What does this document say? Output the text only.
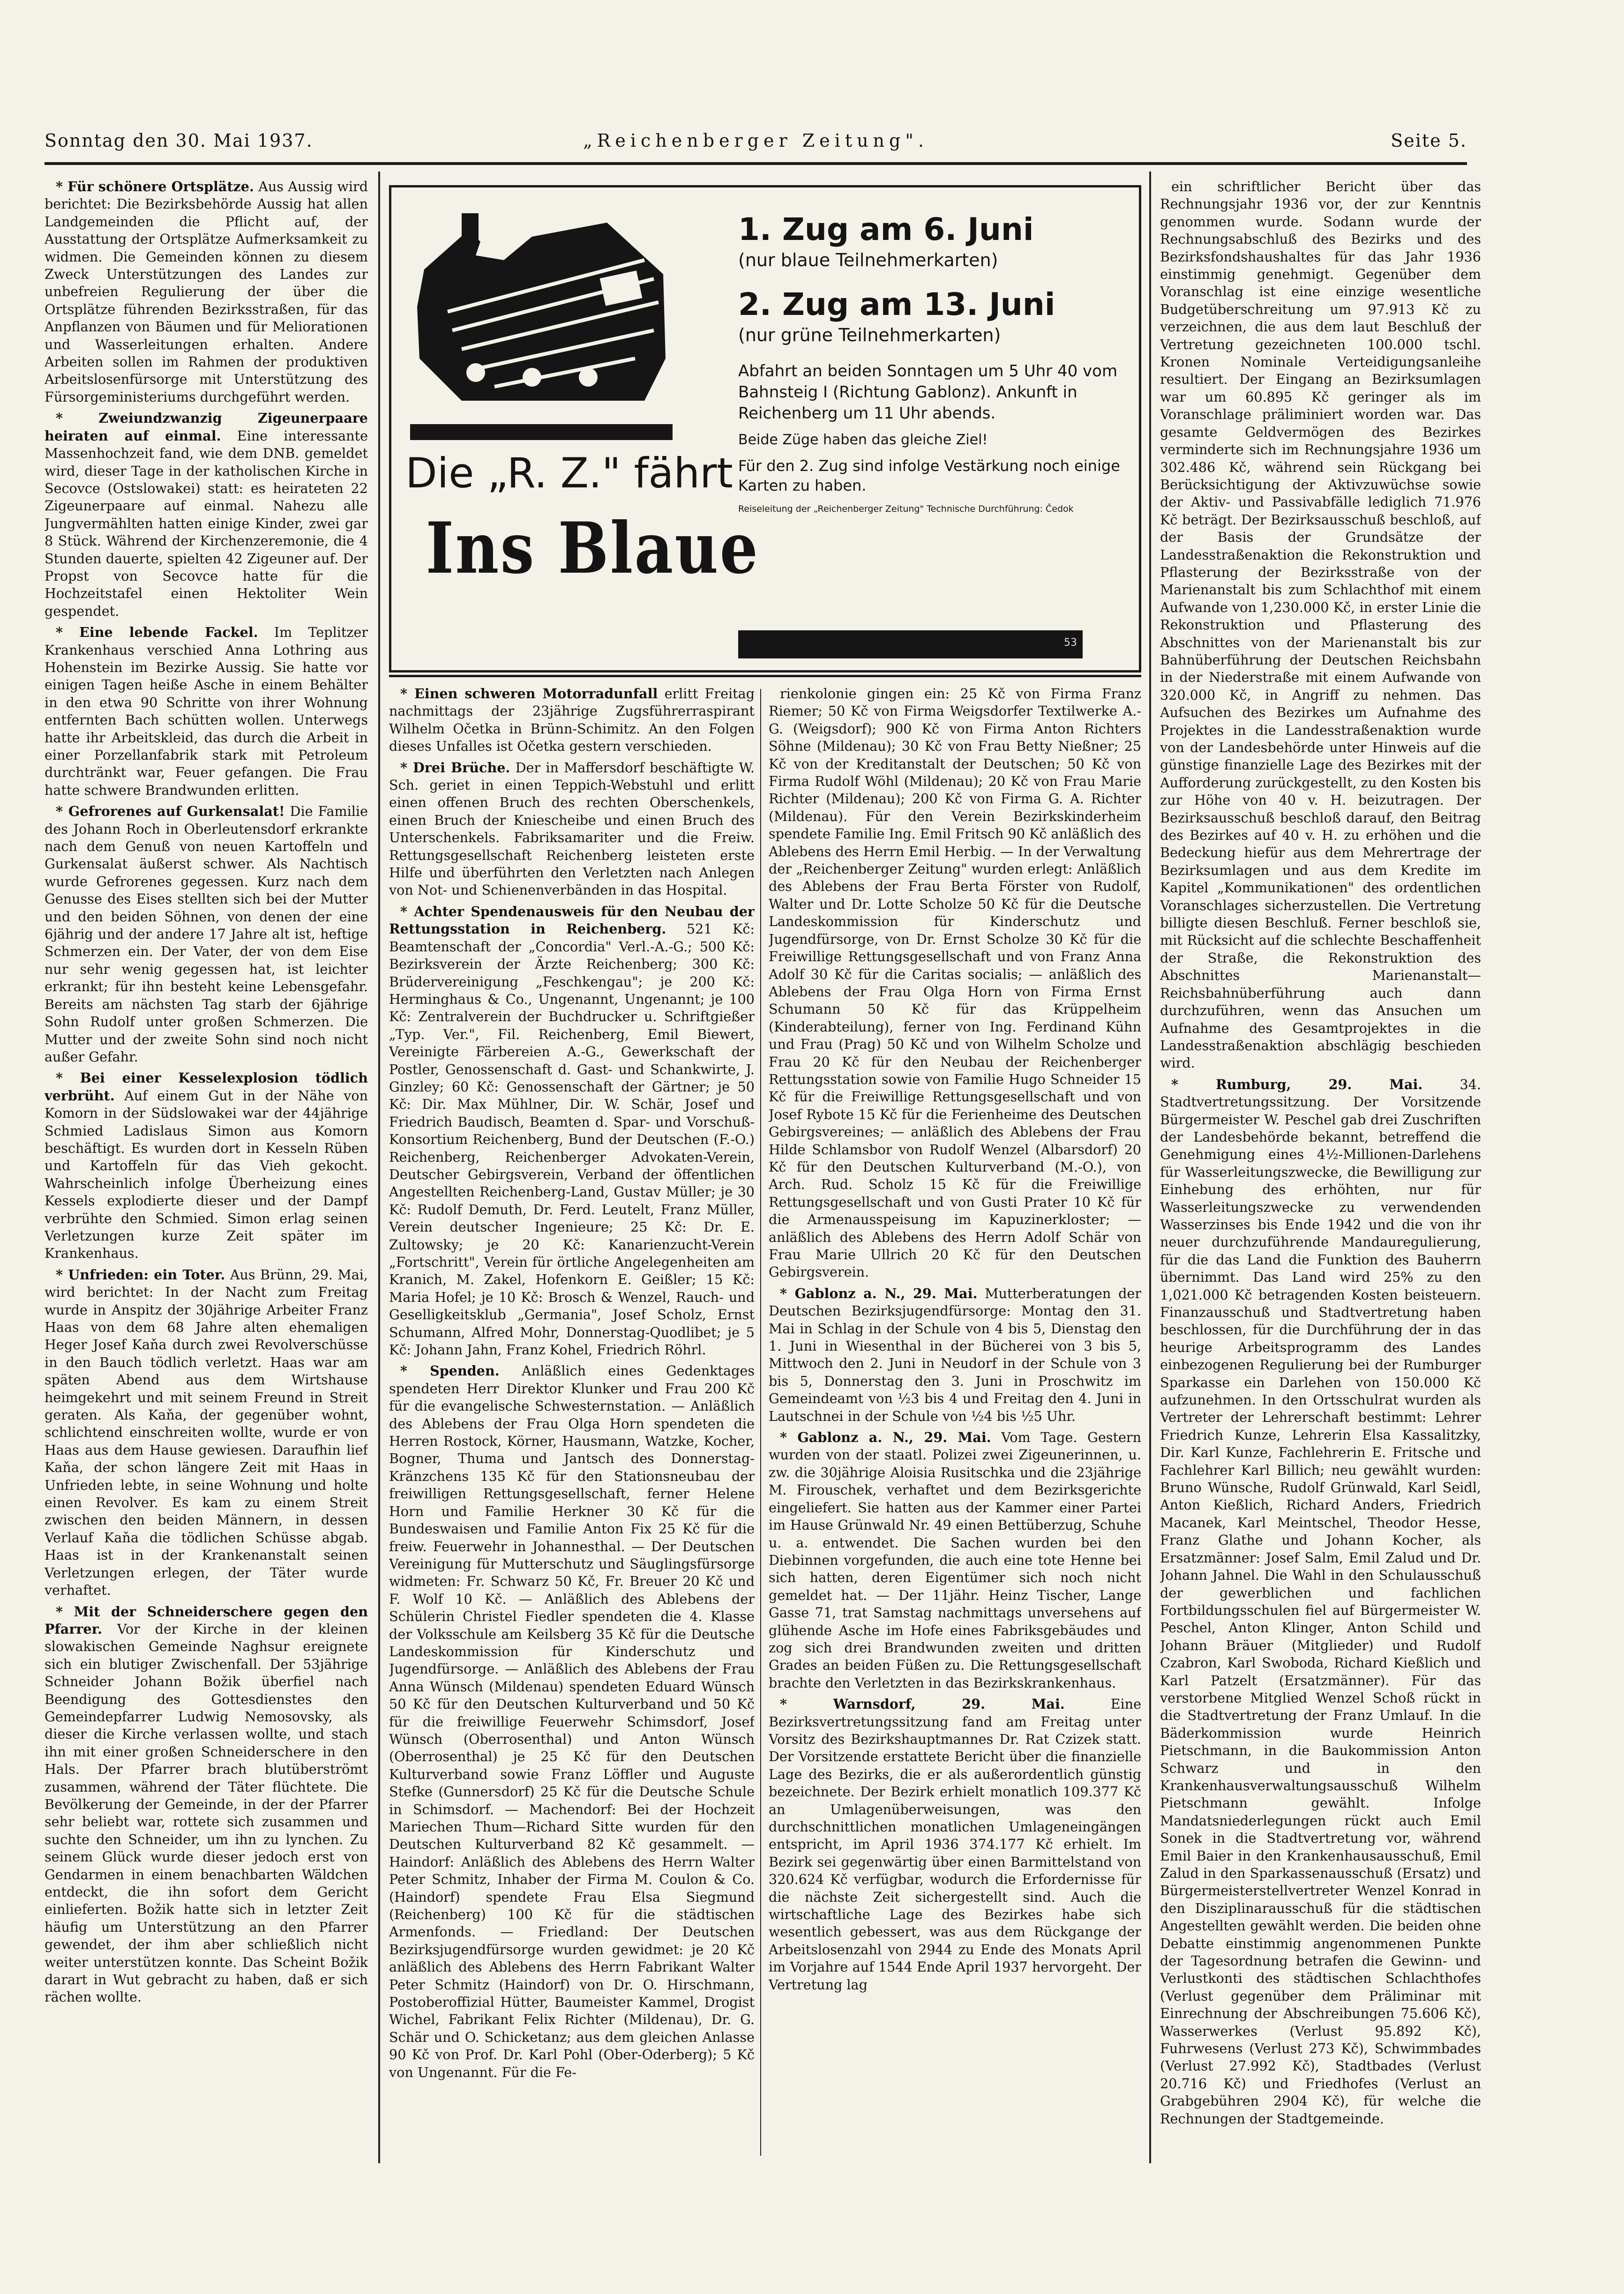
Sonntag den 30. Mai 1937.	„Reichenberger Zeitung".	Seite 5.
Die „R. Z." fährt
Ins Blaue
1. Zug am 6. Juni
(nur blaue Teilnehmerkarten)
2. Zug am 13. Juni
(nur grüne Teilnehmerkarten)
Abfahrt an beiden Sonntagen um 5 Uhr 40 vom Bahnsteig I (Richtung Gablonz). Ankunft in Reichenberg um 11 Uhr abends.
Beide Züge haben das gleiche Ziel!
Für den 2. Zug sind infolge Vestärkung noch einige Karten zu haben.
Reiseleitung der „Reichenberger Zeitung" Technische Durchführung: Čedok
53

* Für schönere Ortsplätze. Aus Aussig wird berichtet: Die Bezirksbehörde Aussig hat allen Landgemeinden die Pflicht auf, der Ausstattung der Ortsplätze Aufmerksamkeit zu widmen. Die Gemeinden können zu diesem Zweck Unterstützungen des Landes zur unbefreien Regulierung der über die Ortsplätze führenden Bezirksstraßen, für das Anpflanzen von Bäumen und für Meliorationen und Wasserleitungen erhalten. Andere Arbeiten sollen im Rahmen der produktiven Arbeitslosenfürsorge mit Unterstützung des Fürsorgeministeriums durchgeführt werden.

* Zweiundzwanzig Zigeunerpaare heiraten auf einmal. Eine interessante Massenhochzeit fand, wie dem DNB. gemeldet wird, dieser Tage in der katholischen Kirche in Secovce (Ostslowakei) statt: es heirateten 22 Zigeunerpaare auf einmal. Nahezu alle Jungvermählten hatten einige Kinder, zwei gar 8 Stück. Während der Kirchenzeremonie, die 4 Stunden dauerte, spielten 42 Zigeuner auf. Der Propst von Secovce hatte für die Hochzeitstafel einen Hektoliter Wein gespendet.

* Eine lebende Fackel. Im Teplitzer Krankenhaus verschied Anna Lothring aus Hohenstein im Bezirke Aussig. Sie hatte vor einigen Tagen heiße Asche in einem Behälter in den etwa 90 Schritte von ihrer Wohnung entfernten Bach schütten wollen. Unterwegs hatte ihr Arbeitskleid, das durch die Arbeit in einer Porzellanfabrik stark mit Petroleum durchtränkt war, Feuer gefangen. Die Frau hatte schwere Brandwunden erlitten.

* Gefrorenes auf Gurkensalat! Die Familie des Johann Roch in Oberleutensdorf erkrankte nach dem Genuß von neuen Kartoffeln und Gurkensalat äußerst schwer. Als Nachtisch wurde Gefrorenes gegessen. Kurz nach dem Genusse des Eises stellten sich bei der Mutter und den beiden Söhnen, von denen der eine 6jährig und der andere 17 Jahre alt ist, heftige Schmerzen ein. Der Vater, der von dem Eise nur sehr wenig gegessen hat, ist leichter erkrankt; für ihn besteht keine Lebensgefahr. Bereits am nächsten Tag starb der 6jährige Sohn Rudolf unter großen Schmerzen. Die Mutter und der zweite Sohn sind noch nicht außer Gefahr.

* Bei einer Kesselexplosion tödlich verbrüht. Auf einem Gut in der Nähe von Komorn in der Südslowakei war der 44jährige Schmied Ladislaus Simon aus Komorn beschäftigt. Es wurden dort in Kesseln Rüben und Kartoffeln für das Vieh gekocht. Wahrscheinlich infolge Überheizung eines Kessels explodierte dieser und der Dampf verbrühte den Schmied. Simon erlag seinen Verletzungen kurze Zeit später im Krankenhaus.

* Unfrieden: ein Toter. Aus Brünn, 29. Mai, wird berichtet: In der Nacht zum Freitag wurde in Anspitz der 30jährige Arbeiter Franz Haas von dem 68 Jahre alten ehemaligen Heger Josef Kaňa durch zwei Revolverschüsse in den Bauch tödlich verletzt. Haas war am späten Abend aus dem Wirtshause heimgekehrt und mit seinem Freund in Streit geraten. Als Kaňa, der gegenüber wohnt, schlichtend einschreiten wollte, wurde er von Haas aus dem Hause gewiesen. Daraufhin lief Kaňa, der schon längere Zeit mit Haas in Unfrieden lebte, in seine Wohnung und holte einen Revolver. Es kam zu einem Streit zwischen den beiden Männern, in dessen Verlauf Kaňa die tödlichen Schüsse abgab. Haas ist in der Krankenanstalt seinen Verletzungen erlegen, der Täter wurde verhaftet.

* Mit der Schneiderschere gegen den Pfarrer. Vor der Kirche in der kleinen slowakischen Gemeinde Naghsur ereignete sich ein blutiger Zwischenfall. Der 53jährige Schneider Johann Božik überfiel nach Beendigung des Gottesdienstes den Gemeindepfarrer Ludwig Nemosovsky, als dieser die Kirche verlassen wollte, und stach ihn mit einer großen Schneiderschere in den Hals. Der Pfarrer brach blutüberströmt zusammen, während der Täter flüchtete. Die Bevölkerung der Gemeinde, in der der Pfarrer sehr beliebt war, rottete sich zusammen und suchte den Schneider, um ihn zu lynchen. Zu seinem Glück wurde dieser jedoch erst von Gendarmen in einem benachbarten Wäldchen entdeckt, die ihn sofort dem Gericht einlieferten. Božik hatte sich in letzter Zeit häufig um Unterstützung an den Pfarrer gewendet, der ihm aber schließlich nicht weiter unterstützen konnte. Das Scheint Božik darart in Wut gebracht zu haben, daß er sich rächen wollte.

* Einen schweren Motorradunfall erlitt Freitag nachmittags der 23jährige Zugsführerraspirant Wilhelm Očetka in Brünn-Schimitz. An den Folgen dieses Unfalles ist Očetka gestern verschieden.

* Drei Brüche. Der in Maffersdorf beschäftigte W. Sch. geriet in einen Teppich-Webstuhl und erlitt einen offenen Bruch des rechten Oberschenkels, einen Bruch der Kniescheibe und einen Bruch des Unterschenkels. Fabriksamariter und die Freiw. Rettungsgesellschaft Reichenberg leisteten erste Hilfe und überführten den Verletzten nach Anlegen von Not- und Schienenverbänden in das Hospital.

* Achter Spendenausweis für den Neubau der Rettungsstation in Reichenberg. 521 Kč: Beamtenschaft der „Concordia" Verl.-A.-G.; 500 Kč: Bezirksverein der Ärzte Reichenberg; 300 Kč: Brüdervereinigung „Feschkengau"; je 200 Kč: Herminghaus & Co., Ungenannt, Ungenannt; je 100 Kč: Zentralverein der Buchdrucker u. Schriftgießer „Typ. Ver.", Fil. Reichenberg, Emil Biewert, Vereinigte Färbereien A.-G., Gewerkschaft der Postler, Genossenschaft d. Gast- und Schankwirte, J. Ginzley; 60 Kč: Genossenschaft der Gärtner; je 50 Kč: Dir. Max Mühlner, Dir. W. Schär, Josef und Friedrich Baudisch, Beamten d. Spar- und Vorschuß-Konsortium Reichenberg, Bund der Deutschen (F.-O.) Reichenberg, Reichenberger Advokaten-Verein, Deutscher Gebirgsverein, Verband der öffentlichen Angestellten Reichenberg-Land, Gustav Müller; je 30 Kč: Rudolf Demuth, Dr. Ferd. Leutelt, Franz Müller, Verein deutscher Ingenieure; 25 Kč: Dr. E. Zultowsky; je 20 Kč: Kanarienzucht-Verein „Fortschritt", Verein für örtliche Angelegenheiten am Kranich, M. Zakel, Hofenkorn E. Geißler; 15 Kč: Maria Hofel; je 10 Kč: Brosch & Wenzel, Rauch- und Geselligkeitsklub „Germania", Josef Scholz, Ernst Schumann, Alfred Mohr, Donnerstag-Quodlibet; je 5 Kč: Johann Jahn, Franz Kohel, Friedrich Röhrl.

* Spenden. Anläßlich eines Gedenktages spendeten Herr Direktor Klunker und Frau 200 Kč für die evangelische Schwesternstation. — Anläßlich des Ablebens der Frau Olga Horn spendeten die Herren Rostock, Körner, Hausmann, Watzke, Kocher, Bogner, Thuma und Jantsch des Donnerstag-Kränzchens 135 Kč für den Stationsneubau der freiwilligen Rettungsgesellschaft, ferner Helene Horn und Familie Herkner 30 Kč für die Bundeswaisen und Familie Anton Fix 25 Kč für die freiw. Feuerwehr in Johannesthal. — Der Deutschen Vereinigung für Mutterschutz und Säuglingsfürsorge widmeten: Fr. Schwarz 50 Kč, Fr. Breuer 20 Kč und F. Wolf 10 Kč. — Anläßlich des Ablebens der Schülerin Christel Fiedler spendeten die 4. Klasse der Volksschule am Keilsberg 35 Kč für die Deutsche Landeskommission für Kinderschutz und Jugendfürsorge. — Anläßlich des Ablebens der Frau Anna Wünsch (Mildenau) spendeten Eduard Wünsch 50 Kč für den Deutschen Kulturverband und 50 Kč für die freiwillige Feuerwehr Schimsdorf, Josef Wünsch (Oberrosenthal) und Anton Wünsch (Oberrosenthal) je 25 Kč für den Deutschen Kulturverband sowie Franz Löffler und Auguste Stefke (Gunnersdorf) 25 Kč für die Deutsche Schule in Schimsdorf. — Machendorf: Bei der Hochzeit Mariechen Thum—Richard Sitte wurden für den Deutschen Kulturverband 82 Kč gesammelt. — Haindorf: Anläßlich des Ablebens des Herrn Walter Peter Schmitz, Inhaber der Firma M. Coulon & Co. (Haindorf) spendete Frau Elsa Siegmund (Reichenberg) 100 Kč für die städtischen Armenfonds. — Friedland: Der Deutschen Bezirksjugendfürsorge wurden gewidmet: je 20 Kč anläßlich des Ablebens des Herrn Fabrikant Walter Peter Schmitz (Haindorf) von Dr. O. Hirschmann, Postoberoffizial Hütter, Baumeister Kammel, Drogist Wichel, Fabrikant Felix Richter (Mildenau), Dr. G. Schär und O. Schicketanz; aus dem gleichen Anlasse 90 Kč von Prof. Dr. Karl Pohl (Ober-Oderberg); 5 Kč von Ungenannt. Für die Fe-

rienkolonie gingen ein: 25 Kč von Firma Franz Riemer; 50 Kč von Firma Weigsdorfer Textilwerke A.-G. (Weigsdorf); 900 Kč von Firma Anton Richters Söhne (Mildenau); 30 Kč von Frau Betty Nießner; 25 Kč von der Kreditanstalt der Deutschen; 50 Kč von Firma Rudolf Wöhl (Mildenau); 20 Kč von Frau Marie Richter (Mildenau); 200 Kč von Firma G. A. Richter (Mildenau). Für den Verein Bezirkskinderheim spendete Familie Ing. Emil Fritsch 90 Kč anläßlich des Ablebens des Herrn Emil Herbig. — In der Verwaltung der „Reichenberger Zeitung" wurden erlegt: Anläßlich des Ablebens der Frau Berta Förster von Rudolf, Walter und Dr. Lotte Scholze 50 Kč für die Deutsche Landeskommission für Kinderschutz und Jugendfürsorge, von Dr. Ernst Scholze 30 Kč für die Freiwillige Rettungsgesellschaft und von Franz Anna Adolf 30 Kč für die Caritas socialis; — anläßlich des Ablebens der Frau Olga Horn von Firma Ernst Schumann 50 Kč für das Krüppelheim (Kinderabteilung), ferner von Ing. Ferdinand Kühn und Frau (Prag) 50 Kč und von Wilhelm Scholze und Frau 20 Kč für den Neubau der Reichenberger Rettungsstation sowie von Familie Hugo Schneider 15 Kč für die Freiwillige Rettungsgesellschaft und von Josef Rybote 15 Kč für die Ferienheime des Deutschen Gebirgsvereines; — anläßlich des Ablebens der Frau Hilde Schlamsbor von Rudolf Wenzel (Albarsdorf) 20 Kč für den Deutschen Kulturverband (M.-O.), von Arch. Rud. Scholz 15 Kč für die Freiwillige Rettungsgesellschaft und von Gusti Prater 10 Kč für die Armenausspeisung im Kapuzinerkloster; — anläßlich des Ablebens des Herrn Adolf Schär von Frau Marie Ullrich 20 Kč für den Deutschen Gebirgsverein.

* Gablonz a. N., 29. Mai. Mutterberatungen der Deutschen Bezirksjugendfürsorge: Montag den 31. Mai in Schlag in der Schule von 4 bis 5, Dienstag den 1. Juni in Wiesenthal in der Bücherei von 3 bis 5, Mittwoch den 2. Juni in Neudorf in der Schule von 3 bis 5, Donnerstag den 3. Juni in Proschwitz im Gemeindeamt von ½3 bis 4 und Freitag den 4. Juni in Lautschnei in der Schule von ½4 bis ½5 Uhr.

* Gablonz a. N., 29. Mai. Vom Tage. Gestern wurden von der staatl. Polizei zwei Zigeunerinnen, u. zw. die 30jährige Aloisia Rusitschka und die 23jährige M. Firouschek, verhaftet und dem Bezirksgerichte eingeliefert. Sie hatten aus der Kammer einer Partei im Hause Grünwald Nr. 49 einen Bettüberzug, Schuhe u. a. entwendet. Die Sachen wurden bei den Diebinnen vorgefunden, die auch eine tote Henne bei sich hatten, deren Eigentümer sich noch nicht gemeldet hat. — Der 11jähr. Heinz Tischer, Lange Gasse 71, trat Samstag nachmittags unversehens auf glühende Asche im Hofe eines Fabriksgebäudes und zog sich drei Brandwunden zweiten und dritten Grades an beiden Füßen zu. Die Rettungsgesellschaft brachte den Verletzten in das Bezirkskrankenhaus.

* Warnsdorf, 29. Mai.	Eine Bezirksvertretungssitzung fand am Freitag unter Vorsitz des Bezirkshauptmannes Dr. Rat Czizek statt. Der Vorsitzende erstattete Bericht über die finanzielle Lage des Bezirks, die er als außerordentlich günstig bezeichnete. Der Bezirk erhielt monatlich 109.377 Kč an Umlagenüberweisungen, was den durchschnittlichen monatlichen Umlageneingängen entspricht, im April 1936 374.177 Kč erhielt. Im Bezirk sei gegenwärtig über einen Barmittelstand von 320.624 Kč verfügbar, wodurch die Erfordernisse für die nächste Zeit sichergestellt sind. Auch die wirtschaftliche Lage des Bezirkes habe sich wesentlich gebessert, was aus dem Rückgange der Arbeitslosenzahl von 2944 zu Ende des Monats April im Vorjahre auf 1544 Ende April 1937 hervorgeht. Der Vertretung lag

ein schriftlicher Bericht über das Rechnungsjahr 1936 vor, der zur Kenntnis genommen wurde. Sodann wurde der Rechnungsabschluß des Bezirks und des Bezirksfondshaushaltes für das Jahr 1936 einstimmig genehmigt. Gegenüber dem Voranschlag ist eine einzige wesentliche Budgetüberschreitung um 97.913 Kč zu verzeichnen, die aus dem laut Beschluß der Vertretung gezeichneten 100.000 tschl. Kronen Nominale Verteidigungsanleihe resultiert. Der Eingang an Bezirksumlagen war um 60.895 Kč geringer als im Voranschlage präliminiert worden war. Das gesamte Geldvermögen des Bezirkes verminderte sich im Rechnungsjahre 1936 um 302.486 Kč, während sein Rückgang bei Berücksichtigung der Aktivzuwüchse sowie der Aktiv- und Passivabfälle lediglich 71.976 Kč beträgt. Der Bezirksausschuß beschloß, auf der Basis der Grundsätze der Landesstraßenaktion die Rekonstruktion und Pflasterung der Bezirksstraße von der Marienanstalt bis zum Schlachthof mit einem Aufwande von 1,230.000 Kč, in erster Linie die Rekonstruktion und Pflasterung des Abschnittes von der Marienanstalt bis zur Bahnüberführung der Deutschen Reichsbahn in der Niederstraße mit einem Aufwande von 320.000 Kč, in Angriff zu nehmen. Das Aufsuchen des Bezirkes um Aufnahme des Projektes in die Landesstraßenaktion wurde von der Landesbehörde unter Hinweis auf die günstige finanzielle Lage des Bezirkes mit der Aufforderung zurückgestellt, zu den Kosten bis zur Höhe von 40 v. H. beizutragen. Der Bezirksausschuß beschloß darauf, den Beitrag des Bezirkes auf 40 v. H. zu erhöhen und die Bedeckung hiefür aus dem Mehrertrage der Bezirksumlagen und aus dem Kredite im Kapitel „Kommunikationen" des ordentlichen Voranschlages sicherzustellen. Die Vertretung billigte diesen Beschluß. Ferner beschloß sie, mit Rücksicht auf die schlechte Beschaffenheit der Straße, die Rekonstruktion des Abschnittes Marienanstalt—Reichsbahnüberführung auch dann durchzuführen, wenn das Ansuchen um Aufnahme des Gesamtprojektes in die Landesstraßenaktion abschlägig beschieden wird.

* Rumburg, 29. Mai.	34. Stadtvertretungssitzung. Der Vorsitzende Bürgermeister W. Peschel gab drei Zuschriften der Landesbehörde bekannt, betreffend die Genehmigung eines 4½-Millionen-Darlehens für Wasserleitungszwecke, die Bewilligung zur Einhebung des erhöhten, nur für Wasserleitungszwecke zu verwendenden Wasserzinses bis Ende 1942 und die von ihr neuer durchzuführende Mandauregulierung, für die das Land die Funktion des Bauherrn übernimmt. Das Land wird 25% zu den 1,021.000 Kč betragenden Kosten beisteuern. Finanzausschuß und Stadtvertretung haben beschlossen, für die Durchführung der in das heurige Arbeitsprogramm des Landes einbezogenen Regulierung bei der Rumburger Sparkasse ein Darlehen von 150.000 Kč aufzunehmen. In den Ortsschulrat wurden als Vertreter der Lehrerschaft bestimmt: Lehrer Friedrich Kunze, Lehrerin Elsa Kassalitzky, Dir. Karl Kunze, Fachlehrerin E. Fritsche und Fachlehrer Karl Billich; neu gewählt wurden: Bruno Wünsche, Rudolf Grünwald, Karl Seidl, Anton Kießlich, Richard Anders, Friedrich Macanek, Karl Meintschel, Theodor Hesse, Franz Glathe und Johann Kocher, als Ersatzmänner: Josef Salm, Emil Zalud und Dr. Johann Jahnel. Die Wahl in den Schulausschuß der gewerblichen und fachlichen Fortbildungsschulen fiel auf Bürgermeister W. Peschel, Anton Klinger, Anton Schild und Johann Bräuer (Mitglieder) und Rudolf Czabron, Karl Swoboda, Richard Kießlich und Karl Patzelt (Ersatzmänner). Für das verstorbene Mitglied Wenzel Schoß rückt in die Stadtvertretung der Franz Umlauf. In die Bäderkommission wurde Heinrich Pietschmann, in die Baukommission Anton Schwarz und in den Krankenhausverwaltungsausschuß Wilhelm Pietschmann gewählt. Infolge Mandatsniederlegungen rückt auch Emil Sonek in die Stadtvertretung vor, während Emil Baier in den Krankenhausausschuß, Emil Zalud in den Sparkassenausschuß (Ersatz) und Bürgermeisterstellvertreter Wenzel Konrad in den Disziplinarausschuß für die städtischen Angestellten gewählt werden. Die beiden ohne Debatte einstimmig angenommenen Punkte der Tagesordnung betrafen die Gewinn- und Verlustkonti des städtischen Schlachthofes (Verlust gegenüber dem Präliminar mit Einrechnung der Abschreibungen 75.606 Kč), Wasserwerkes (Verlust 95.892 Kč), Fuhrwesens (Verlust 273 Kč), Schwimmbades (Verlust 27.992 Kč), Stadtbades (Verlust 20.716 Kč) und Friedhofes (Verlust an Grabgebühren 2904 Kč), für welche die Rechnungen der Stadtgemeinde.
